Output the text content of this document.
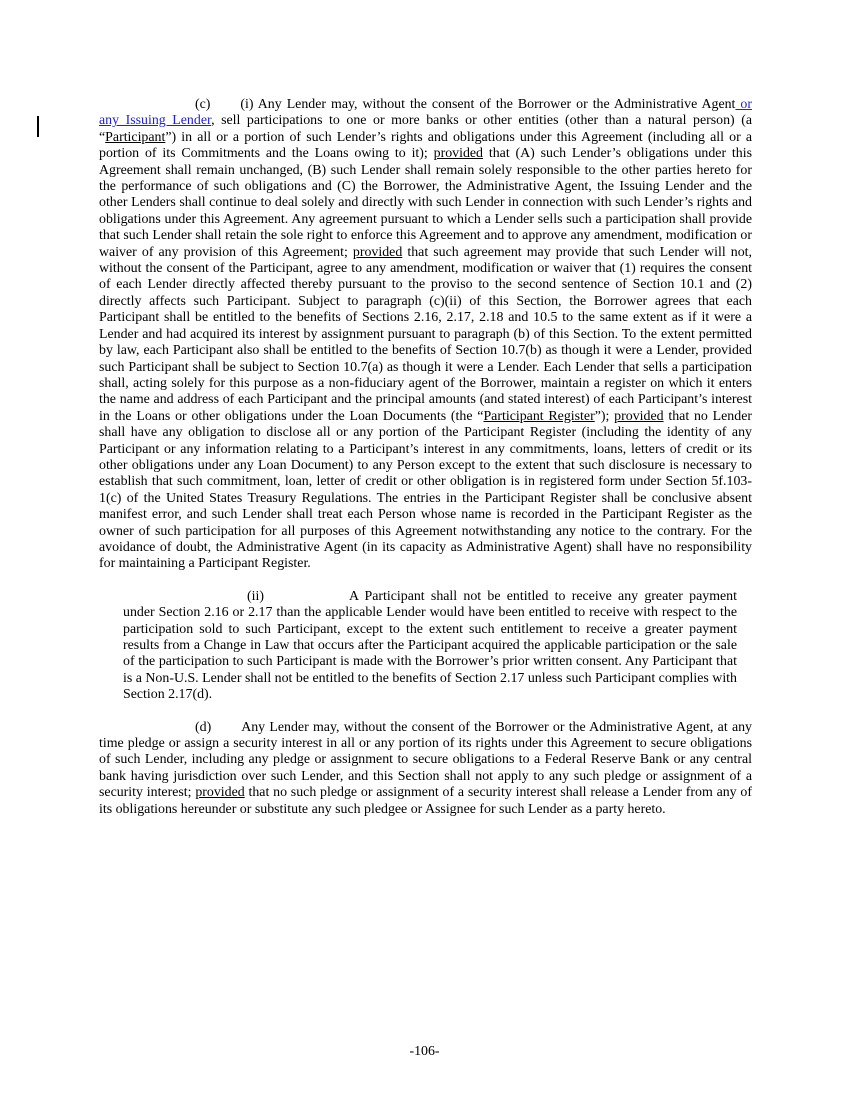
(c) (i) Any Lender may, without the consent of the Borrower or the Administrative Agent or any Issuing Lender, sell participations to one or more banks or other entities (other than a natural person) (a “Participant”) in all or a portion of such Lender’s rights and obligations under this Agreement (including all or a portion of its Commitments and the Loans owing to it); provided that (A) such Lender’s obligations under this Agreement shall remain unchanged, (B) such Lender shall remain solely responsible to the other parties hereto for the performance of such obligations and (C) the Borrower, the Administrative Agent, the Issuing Lender and the other Lenders shall continue to deal solely and directly with such Lender in connection with such Lender’s rights and obligations under this Agreement. Any agreement pursuant to which a Lender sells such a participation shall provide that such Lender shall retain the sole right to enforce this Agreement and to approve any amendment, modification or waiver of any provision of this Agreement; provided that such agreement may provide that such Lender will not, without the consent of the Participant, agree to any amendment, modification or waiver that (1) requires the consent of each Lender directly affected thereby pursuant to the proviso to the second sentence of Section 10.1 and (2) directly affects such Participant. Subject to paragraph (c)(ii) of this Section, the Borrower agrees that each Participant shall be entitled to the benefits of Sections 2.16, 2.17, 2.18 and 10.5 to the same extent as if it were a Lender and had acquired its interest by assignment pursuant to paragraph (b) of this Section. To the extent permitted by law, each Participant also shall be entitled to the benefits of Section 10.7(b) as though it were a Lender, provided such Participant shall be subject to Section 10.7(a) as though it were a Lender. Each Lender that sells a participation shall, acting solely for this purpose as a non-fiduciary agent of the Borrower, maintain a register on which it enters the name and address of each Participant and the principal amounts (and stated interest) of each Participant’s interest in the Loans or other obligations under the Loan Documents (the “Participant Register”); provided that no Lender shall have any obligation to disclose all or any portion of the Participant Register (including the identity of any Participant or any information relating to a Participant’s interest in any commitments, loans, letters of credit or its other obligations under any Loan Document) to any Person except to the extent that such disclosure is necessary to establish that such commitment, loan, letter of credit or other obligation is in registered form under Section 5f.103-1(c) of the United States Treasury Regulations. The entries in the Participant Register shall be conclusive absent manifest error, and such Lender shall treat each Person whose name is recorded in the Participant Register as the owner of such participation for all purposes of this Agreement notwithstanding any notice to the contrary. For the avoidance of doubt, the Administrative Agent (in its capacity as Administrative Agent) shall have no responsibility for maintaining a Participant Register.

(ii)	A Participant shall not be entitled to receive any greater payment under Section 2.16 or 2.17 than the applicable Lender would have been entitled to receive with respect to the participation sold to such Participant, except to the extent such entitlement to receive a greater payment results from a Change in Law that occurs after the Participant acquired the applicable participation or the sale of the participation to such Participant is made with the Borrower’s prior written consent. Any Participant that is a Non-U.S. Lender shall not be entitled to the benefits of Section 2.17 unless such Participant complies with Section 2.17(d).

(d) Any Lender may, without the consent of the Borrower or the Administrative Agent, at any time pledge or assign a security interest in all or any portion of its rights under this Agreement to secure obligations of such Lender, including any pledge or assignment to secure obligations to a Federal Reserve Bank or any central bank having jurisdiction over such Lender, and this Section shall not apply to any such pledge or assignment of a security interest; provided that no such pledge or assignment of a security interest shall release a Lender from any of its obligations hereunder or substitute any such pledgee or Assignee for such Lender as a party hereto.

-106-
